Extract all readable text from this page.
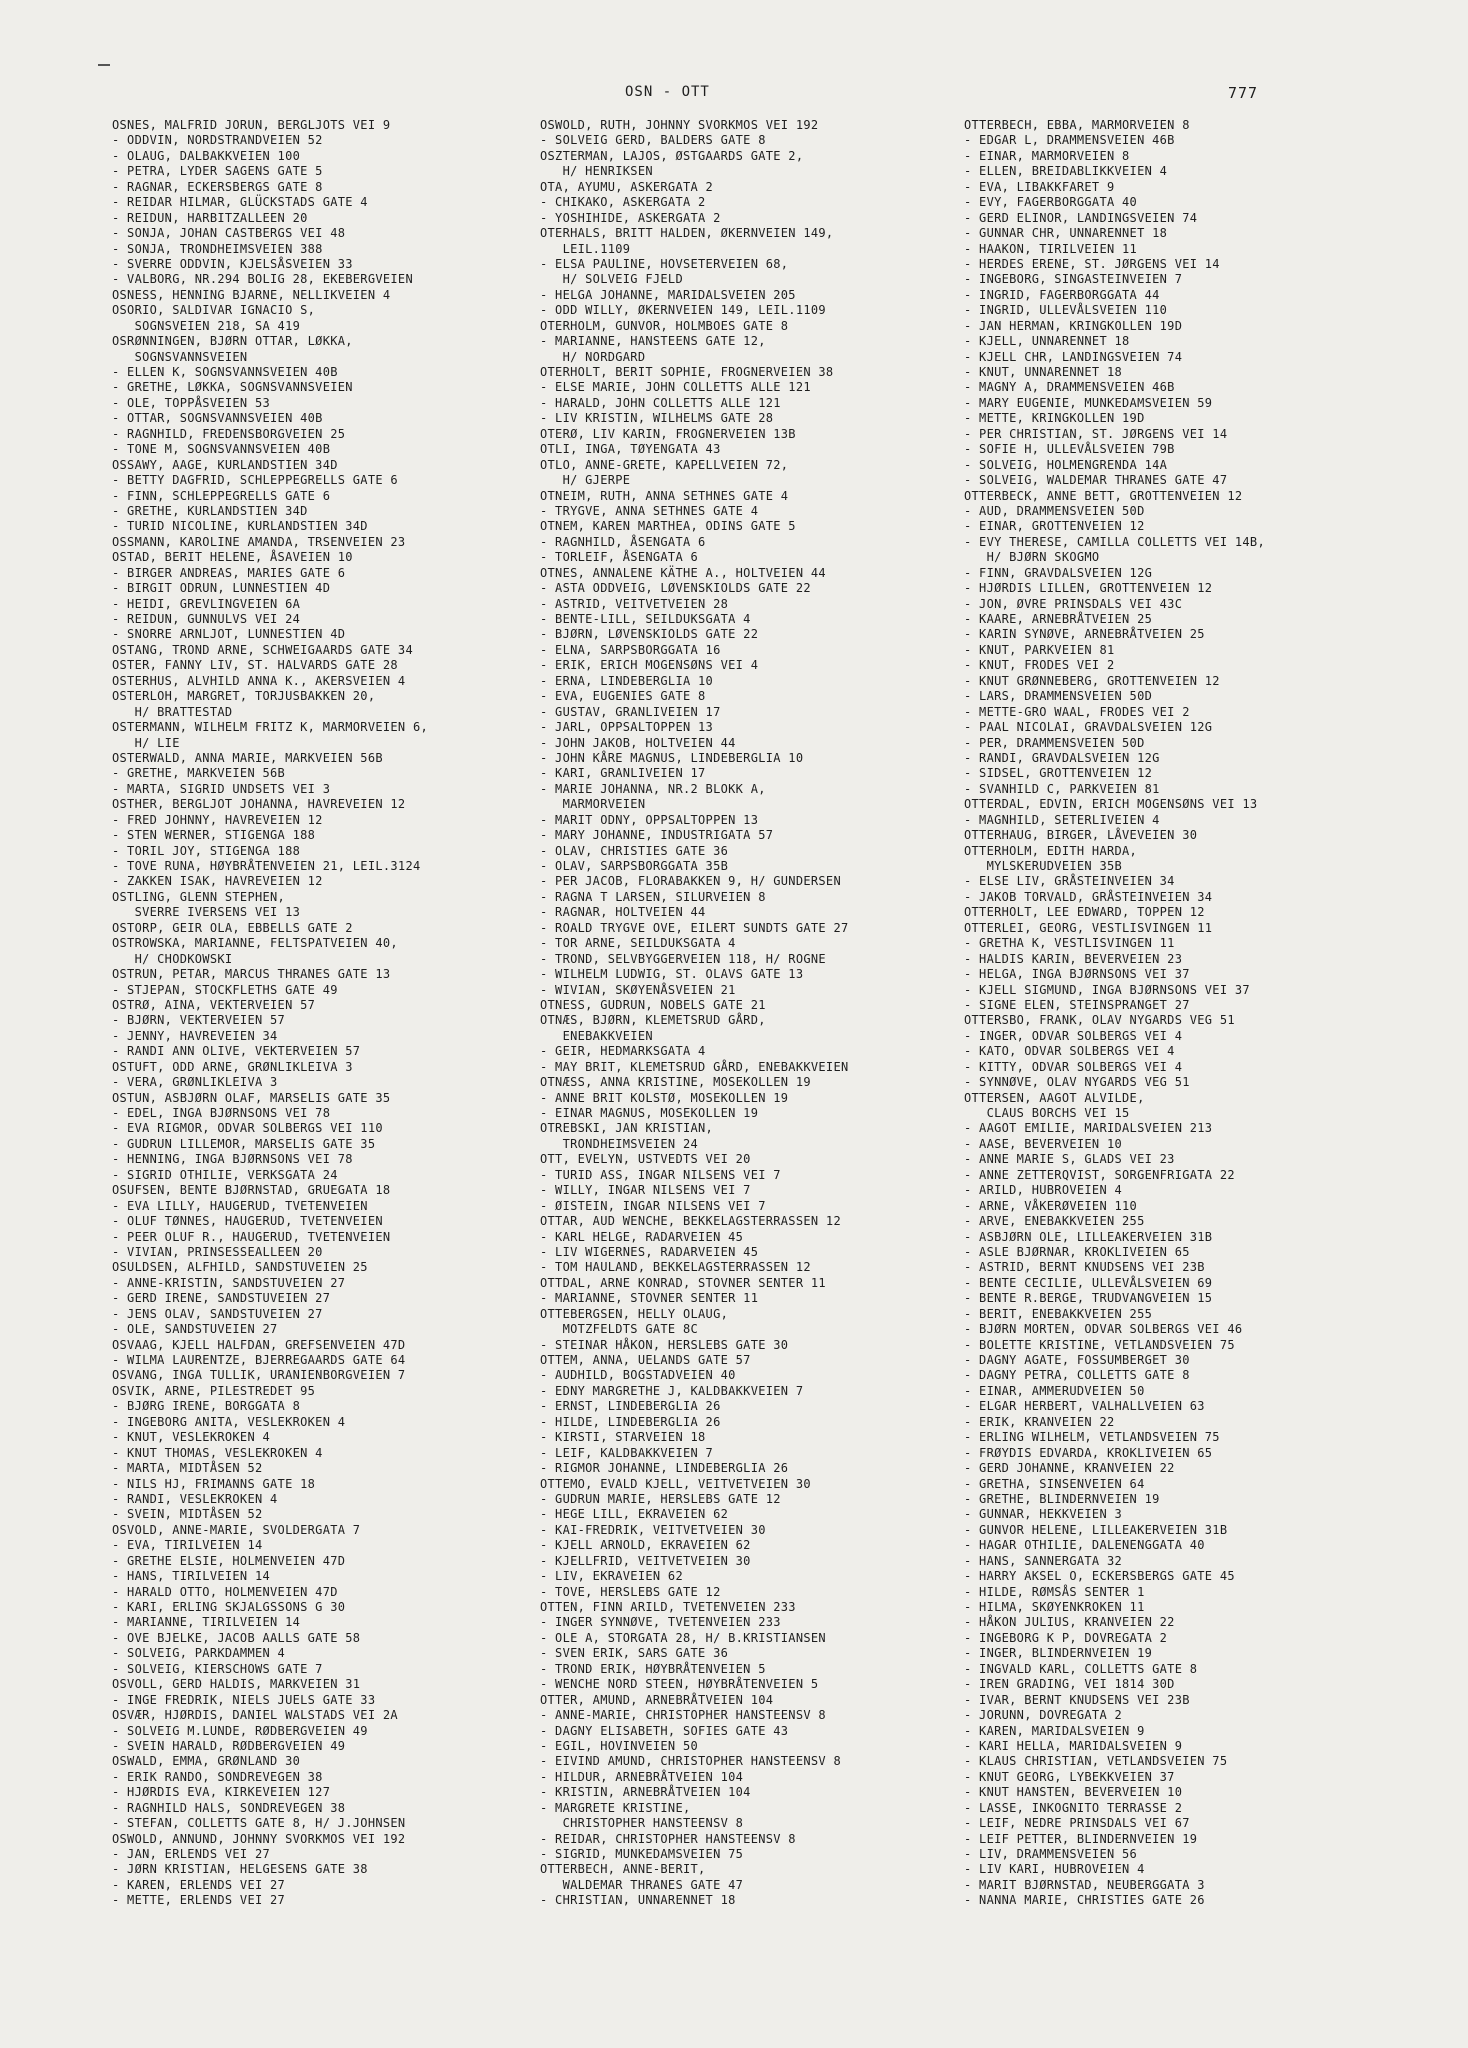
OSN - OTT	777
OSNES, MALFRID JORUN, BERGLJOTS VEI 9
- ODDVIN, NORDSTRANDVEIEN 52
- OLAUG, DALBAKKVEIEN 100
- PETRA, LYDER SAGENS GATE 5
- RAGNAR, ECKERSBERGS GATE 8
- REIDAR HILMAR, GLÜCKSTADS GATE 4
- REIDUN, HARBITZALLEEN 20
- SONJA, JOHAN CASTBERGS VEI 48
- SONJA, TRONDHEIMSVEIEN 388
- SVERRE ODDVIN, KJELSÅSVEIEN 33
- VALBORG, NR.294 BOLIG 28, EKEBERGVEIEN
OSNESS, HENNING BJARNE, NELLIKVEIEN 4
OSORIO, SALDIVAR IGNACIO S,
SOGNSVEIEN 218, SA 419
OSRØNNINGEN, BJØRN OTTAR, LØKKA,
SOGNSVANNSVEIEN
- ELLEN K, SOGNSVANNSVEIEN 40B
- GRETHE, LØKKA, SOGNSVANNSVEIEN
- OLE, TOPPÅSVEIEN 53
- OTTAR, SOGNSVANNSVEIEN 40B
- RAGNHILD, FREDENSBORGVEIEN 25
- TONE M, SOGNSVANNSVEIEN 40B
OSSAWY, AAGE, KURLANDSTIEN 34D
- BETTY DAGFRID, SCHLEPPEGRELLS GATE 6
- FINN, SCHLEPPEGRELLS GATE 6
- GRETHE, KURLANDSTIEN 34D
- TURID NICOLINE, KURLANDSTIEN 34D
OSSMANN, KAROLINE AMANDA, TRSENVEIEN 23
OSTAD, BERIT HELENE, ÅSAVEIEN 10
- BIRGER ANDREAS, MARIES GATE 6
- BIRGIT ODRUN, LUNNESTIEN 4D
- HEIDI, GREVLINGVEIEN 6A
- REIDUN, GUNNULVS VEI 24
- SNORRE ARNLJOT, LUNNESTIEN 4D
OSTANG, TROND ARNE, SCHWEIGAARDS GATE 34
OSTER, FANNY LIV, ST. HALVARDS GATE 28
OSTERHUS, ALVHILD ANNA K., AKERSVEIEN 4
OSTERLOH, MARGRET, TORJUSBAKKEN 20,
H/ BRATTESTAD
OSTERMANN, WILHELM FRITZ K, MARMORVEIEN 6,
H/ LIE
OSTERWALD, ANNA MARIE, MARKVEIEN 56B
- GRETHE, MARKVEIEN 56B
- MARTA, SIGRID UNDSETS VEI 3
OSTHER, BERGLJOT JOHANNA, HAVREVEIEN 12
- FRED JOHNNY, HAVREVEIEN 12
- STEN WERNER, STIGENGA 188
- TORIL JOY, STIGENGA 188
- TOVE RUNA, HØYBRÅTENVEIEN 21, LEIL.3124
- ZAKKEN ISAK, HAVREVEIEN 12
OSTLING, GLENN STEPHEN,
SVERRE IVERSENS VEI 13
OSTORP, GEIR OLA, EBBELLS GATE 2
OSTROWSKA, MARIANNE, FELTSPATVEIEN 40,
H/ CHODKOWSKI
OSTRUN, PETAR, MARCUS THRANES GATE 13
- STJEPAN, STOCKFLETHS GATE 49
OSTRØ, AINA, VEKTERVEIEN 57
- BJØRN, VEKTERVEIEN 57
- JENNY, HAVREVEIEN 34
- RANDI ANN OLIVE, VEKTERVEIEN 57
OSTUFT, ODD ARNE, GRØNLIKLEIVA 3
- VERA, GRØNLIKLEIVA 3
OSTUN, ASBJØRN OLAF, MARSELIS GATE 35
- EDEL, INGA BJØRNSONS VEI 78
- EVA RIGMOR, ODVAR SOLBERGS VEI 110
- GUDRUN LILLEMOR, MARSELIS GATE 35
- HENNING, INGA BJØRNSONS VEI 78
- SIGRID OTHILIE, VERKSGATA 24
OSUFSEN, BENTE BJØRNSTAD, GRUEGATA 18
- EVA LILLY, HAUGERUD, TVETENVEIEN
- OLUF TØNNES, HAUGERUD, TVETENVEIEN
- PEER OLUF R., HAUGERUD, TVETENVEIEN
- VIVIAN, PRINSESSEALLEEN 20
OSULDSEN, ALFHILD, SANDSTUVEIEN 25
- ANNE-KRISTIN, SANDSTUVEIEN 27
- GERD IRENE, SANDSTUVEIEN 27
- JENS OLAV, SANDSTUVEIEN 27
- OLE, SANDSTUVEIEN 27
OSVAAG, KJELL HALFDAN, GREFSENVEIEN 47D
- WILMA LAURENTZE, BJERREGAARDS GATE 64
OSVANG, INGA TULLIK, URANIENBORGVEIEN 7
OSVIK, ARNE, PILESTREDET 95
- BJØRG IRENE, BORGGATA 8
- INGEBORG ANITA, VESLEKROKEN 4
- KNUT, VESLEKROKEN 4
- KNUT THOMAS, VESLEKROKEN 4
- MARTA, MIDTÅSEN 52
- NILS HJ, FRIMANNS GATE 18
- RANDI, VESLEKROKEN 4
- SVEIN, MIDTÅSEN 52
OSVOLD, ANNE-MARIE, SVOLDERGATA 7
- EVA, TIRILVEIEN 14
- GRETHE ELSIE, HOLMENVEIEN 47D
- HANS, TIRILVEIEN 14
- HARALD OTTO, HOLMENVEIEN 47D
- KARI, ERLING SKJALGSSONS G 30
- MARIANNE, TIRILVEIEN 14
- OVE BJELKE, JACOB AALLS GATE 58
- SOLVEIG, PARKDAMMEN 4
- SOLVEIG, KIERSCHOWS GATE 7
OSVOLL, GERD HALDIS, MARKVEIEN 31
- INGE FREDRIK, NIELS JUELS GATE 33
OSVÆR, HJØRDIS, DANIEL WALSTADS VEI 2A
- SOLVEIG M.LUNDE, RØDBERGVEIEN 49
- SVEIN HARALD, RØDBERGVEIEN 49
OSWALD, EMMA, GRØNLAND 30
- ERIK RANDO, SONDREVEGEN 38
- HJØRDIS EVA, KIRKEVEIEN 127
- RAGNHILD HALS, SONDREVEGEN 38
- STEFAN, COLLETTS GATE 8, H/ J.JOHNSEN
OSWOLD, ANNUND, JOHNNY SVORKMOS VEI 192
- JAN, ERLENDS VEI 27
- JØRN KRISTIAN, HELGESENS GATE 38
- KAREN, ERLENDS VEI 27
- METTE, ERLENDS VEI 27
OSWOLD, RUTH, JOHNNY SVORKMOS VEI 192
- SOLVEIG GERD, BALDERS GATE 8
OSZTERMAN, LAJOS, ØSTGAARDS GATE 2,
H/ HENRIKSEN
OTA, AYUMU, ASKERGATA 2
- CHIKAKO, ASKERGATA 2
- YOSHIHIDE, ASKERGATA 2
OTERHALS, BRITT HALDEN, ØKERNVEIEN 149,
LEIL.1109
- ELSA PAULINE, HOVSETERVEIEN 68,
H/ SOLVEIG FJELD
- HELGA JOHANNE, MARIDALSVEIEN 205
- ODD WILLY, ØKERNVEIEN 149, LEIL.1109
OTERHOLM, GUNVOR, HOLMBOES GATE 8
- MARIANNE, HANSTEENS GATE 12,
H/ NORDGARD
OTERHOLT, BERIT SOPHIE, FROGNERVEIEN 38
- ELSE MARIE, JOHN COLLETTS ALLE 121
- HARALD, JOHN COLLETTS ALLE 121
- LIV KRISTIN, WILHELMS GATE 28
OTERØ, LIV KARIN, FROGNERVEIEN 13B
OTLI, INGA, TØYENGATA 43
OTLO, ANNE-GRETE, KAPELLVEIEN 72,
H/ GJERPE
OTNEIM, RUTH, ANNA SETHNES GATE 4
- TRYGVE, ANNA SETHNES GATE 4
OTNEM, KAREN MARTHEA, ODINS GATE 5
- RAGNHILD, ÅSENGATA 6
- TORLEIF, ÅSENGATA 6
OTNES, ANNALENE KÄTHE A., HOLTVEIEN 44
- ASTA ODDVEIG, LØVENSKIOLDS GATE 22
- ASTRID, VEITVETVEIEN 28
- BENTE-LILL, SEILDUKSGATA 4
- BJØRN, LØVENSKIOLDS GATE 22
- ELNA, SARPSBORGGATA 16
- ERIK, ERICH MOGENSØNS VEI 4
- ERNA, LINDEBERGLIA 10
- EVA, EUGENIES GATE 8
- GUSTAV, GRANLIVEIEN 17
- JARL, OPPSALTOPPEN 13
- JOHN JAKOB, HOLTVEIEN 44
- JOHN KÅRE MAGNUS, LINDEBERGLIA 10
- KARI, GRANLIVEIEN 17
- MARIE JOHANNA, NR.2 BLOKK A,
MARMORVEIEN
- MARIT ODNY, OPPSALTOPPEN 13
- MARY JOHANNE, INDUSTRIGATA 57
- OLAV, CHRISTIES GATE 36
- OLAV, SARPSBORGGATA 35B
- PER JACOB, FLORABAKKEN 9, H/ GUNDERSEN
- RAGNA T LARSEN, SILURVEIEN 8
- RAGNAR, HOLTVEIEN 44
- ROALD TRYGVE OVE, EILERT SUNDTS GATE 27
- TOR ARNE, SEILDUKSGATA 4
- TROND, SELVBYGGERVEIEN 118, H/ ROGNE
- WILHELM LUDWIG, ST. OLAVS GATE 13
- WIVIAN, SKØYENÅSVEIEN 21
OTNESS, GUDRUN, NOBELS GATE 21
OTNÆS, BJØRN, KLEMETSRUD GÅRD,
ENEBAKKVEIEN
- GEIR, HEDMARKSGATA 4
- MAY BRIT, KLEMETSRUD GÅRD, ENEBAKKVEIEN
OTNÆSS, ANNA KRISTINE, MOSEKOLLEN 19
- ANNE BRIT KOLSTØ, MOSEKOLLEN 19
- EINAR MAGNUS, MOSEKOLLEN 19
OTREBSKI, JAN KRISTIAN,
TRONDHEIMSVEIEN 24
OTT, EVELYN, USTVEDTS VEI 20
- TURID ASS, INGAR NILSENS VEI 7
- WILLY, INGAR NILSENS VEI 7
- ØISTEIN, INGAR NILSENS VEI 7
OTTAR, AUD WENCHE, BEKKELAGSTERRASSEN 12
- KARL HELGE, RADARVEIEN 45
- LIV WIGERNES, RADARVEIEN 45
- TOM HAULAND, BEKKELAGSTERRASSEN 12
OTTDAL, ARNE KONRAD, STOVNER SENTER 11
- MARIANNE, STOVNER SENTER 11
OTTEBERGSEN, HELLY OLAUG,
MOTZFELDTS GATE 8C
- STEINAR HÅKON, HERSLEBS GATE 30
OTTEM, ANNA, UELANDS GATE 57
- AUDHILD, BOGSTADVEIEN 40
- EDNY MARGRETHE J, KALDBAKKVEIEN 7
- ERNST, LINDEBERGLIA 26
- HILDE, LINDEBERGLIA 26
- KIRSTI, STARVEIEN 18
- LEIF, KALDBAKKVEIEN 7
- RIGMOR JOHANNE, LINDEBERGLIA 26
OTTEMO, EVALD KJELL, VEITVETVEIEN 30
- GUDRUN MARIE, HERSLEBS GATE 12
- HEGE LILL, EKRAVEIEN 62
- KAI-FREDRIK, VEITVETVEIEN 30
- KJELL ARNOLD, EKRAVEIEN 62
- KJELLFRID, VEITVETVEIEN 30
- LIV, EKRAVEIEN 62
- TOVE, HERSLEBS GATE 12
OTTEN, FINN ARILD, TVETENVEIEN 233
- INGER SYNNØVE, TVETENVEIEN 233
- OLE A, STORGATA 28, H/ B.KRISTIANSEN
- SVEN ERIK, SARS GATE 36
- TROND ERIK, HØYBRÅTENVEIEN 5
- WENCHE NORD STEEN, HØYBRÅTENVEIEN 5
OTTER, AMUND, ARNEBRÅTVEIEN 104
- ANNE-MARIE, CHRISTOPHER HANSTEENSV 8
- DAGNY ELISABETH, SOFIES GATE 43
- EGIL, HOVINVEIEN 50
- EIVIND AMUND, CHRISTOPHER HANSTEENSV 8
- HILDUR, ARNEBRÅTVEIEN 104
- KRISTIN, ARNEBRÅTVEIEN 104
- MARGRETE KRISTINE,
CHRISTOPHER HANSTEENSV 8
- REIDAR, CHRISTOPHER HANSTEENSV 8
- SIGRID, MUNKEDAMSVEIEN 75
OTTERBECH, ANNE-BERIT,
WALDEMAR THRANES GATE 47
- CHRISTIAN, UNNARENNET 18
OTTERBECH, EBBA, MARMORVEIEN 8
- EDGAR L, DRAMMENSVEIEN 46B
- EINAR, MARMORVEIEN 8
- ELLEN, BREIDABLIKKVEIEN 4
- EVA, LIBAKKFARET 9
- EVY, FAGERBORGGATA 40
- GERD ELINOR, LANDINGSVEIEN 74
- GUNNAR CHR, UNNARENNET 18
- HAAKON, TIRILVEIEN 11
- HERDES ERENE, ST. JØRGENS VEI 14
- INGEBORG, SINGASTEINVEIEN 7
- INGRID, FAGERBORGGATA 44
- INGRID, ULLEVÅLSVEIEN 110
- JAN HERMAN, KRINGKOLLEN 19D
- KJELL, UNNARENNET 18
- KJELL CHR, LANDINGSVEIEN 74
- KNUT, UNNARENNET 18
- MAGNY A, DRAMMENSVEIEN 46B
- MARY EUGENIE, MUNKEDAMSVEIEN 59
- METTE, KRINGKOLLEN 19D
- PER CHRISTIAN, ST. JØRGENS VEI 14
- SOFIE H, ULLEVÅLSVEIEN 79B
- SOLVEIG, HOLMENGRENDA 14A
- SOLVEIG, WALDEMAR THRANES GATE 47
OTTERBECK, ANNE BETT, GROTTENVEIEN 12
- AUD, DRAMMENSVEIEN 50D
- EINAR, GROTTENVEIEN 12
- EVY THERESE, CAMILLA COLLETTS VEI 14B,
H/ BJØRN SKOGMO
- FINN, GRAVDALSVEIEN 12G
- HJØRDIS LILLEN, GROTTENVEIEN 12
- JON, ØVRE PRINSDALS VEI 43C
- KAARE, ARNEBRÅTVEIEN 25
- KARIN SYNØVE, ARNEBRÅTVEIEN 25
- KNUT, PARKVEIEN 81
- KNUT, FRODES VEI 2
- KNUT GRØNNEBERG, GROTTENVEIEN 12
- LARS, DRAMMENSVEIEN 50D
- METTE-GRO WAAL, FRODES VEI 2
- PAAL NICOLAI, GRAVDALSVEIEN 12G
- PER, DRAMMENSVEIEN 50D
- RANDI, GRAVDALSVEIEN 12G
- SIDSEL, GROTTENVEIEN 12
- SVANHILD C, PARKVEIEN 81
OTTERDAL, EDVIN, ERICH MOGENSØNS VEI 13
- MAGNHILD, SETERLIVEIEN 4
OTTERHAUG, BIRGER, LÅVEVEIEN 30
OTTERHOLM, EDITH HARDA,
MYLSKERUDVEIEN 35B
- ELSE LIV, GRÅSTEINVEIEN 34
- JAKOB TORVALD, GRÅSTEINVEIEN 34
OTTERHOLT, LEE EDWARD, TOPPEN 12
OTTERLEI, GEORG, VESTLISVINGEN 11
- GRETHA K, VESTLISVINGEN 11
- HALDIS KARIN, BEVERVEIEN 23
- HELGA, INGA BJØRNSONS VEI 37
- KJELL SIGMUND, INGA BJØRNSONS VEI 37
- SIGNE ELEN, STEINSPRANGET 27
OTTERSBO, FRANK, OLAV NYGARDS VEG 51
- INGER, ODVAR SOLBERGS VEI 4
- KATO, ODVAR SOLBERGS VEI 4
- KITTY, ODVAR SOLBERGS VEI 4
- SYNNØVE, OLAV NYGARDS VEG 51
OTTERSEN, AAGOT ALVILDE,
CLAUS BORCHS VEI 15
- AAGOT EMILIE, MARIDALSVEIEN 213
- AASE, BEVERVEIEN 10
- ANNE MARIE S, GLADS VEI 23
- ANNE ZETTERQVIST, SORGENFRIGATA 22
- ARILD, HUBROVEIEN 4
- ARNE, VÅKERØVEIEN 110
- ARVE, ENEBAKKVEIEN 255
- ASBJØRN OLE, LILLEAKERVEIEN 31B
- ASLE BJØRNAR, KROKLIVEIEN 65
- ASTRID, BERNT KNUDSENS VEI 23B
- BENTE CECILIE, ULLEVÅLSVEIEN 69
- BENTE R.BERGE, TRUDVANGVEIEN 15
- BERIT, ENEBAKKVEIEN 255
- BJØRN MORTEN, ODVAR SOLBERGS VEI 46
- BOLETTE KRISTINE, VETLANDSVEIEN 75
- DAGNY AGATE, FOSSUMBERGET 30
- DAGNY PETRA, COLLETTS GATE 8
- EINAR, AMMERUDVEIEN 50
- ELGAR HERBERT, VALHALLVEIEN 63
- ERIK, KRANVEIEN 22
- ERLING WILHELM, VETLANDSVEIEN 75
- FRØYDIS EDVARDA, KROKLIVEIEN 65
- GERD JOHANNE, KRANVEIEN 22
- GRETHA, SINSENVEIEN 64
- GRETHE, BLINDERNVEIEN 19
- GUNNAR, HEKKVEIEN 3
- GUNVOR HELENE, LILLEAKERVEIEN 31B
- HAGAR OTHILIE, DALENENGGATA 40
- HANS, SANNERGATA 32
- HARRY AKSEL O, ECKERSBERGS GATE 45
- HILDE, RØMSÅS SENTER 1
- HILMA, SKØYENKROKEN 11
- HÅKON JULIUS, KRANVEIEN 22
- INGEBORG K P, DOVREGATA 2
- INGER, BLINDERNVEIEN 19
- INGVALD KARL, COLLETTS GATE 8
- IREN GRADING, VEI 1814 30D
- IVAR, BERNT KNUDSENS VEI 23B
- JORUNN, DOVREGATA 2
- KAREN, MARIDALSVEIEN 9
- KARI HELLA, MARIDALSVEIEN 9
- KLAUS CHRISTIAN, VETLANDSVEIEN 75
- KNUT GEORG, LYBEKKVEIEN 37
- KNUT HANSTEN, BEVERVEIEN 10
- LASSE, INKOGNITO TERRASSE 2
- LEIF, NEDRE PRINSDALS VEI 67
- LEIF PETTER, BLINDERNVEIEN 19
- LIV, DRAMMENSVEIEN 56
- LIV KARI, HUBROVEIEN 4
- MARIT BJØRNSTAD, NEUBERGGATA 3
- NANNA MARIE, CHRISTIES GATE 26
